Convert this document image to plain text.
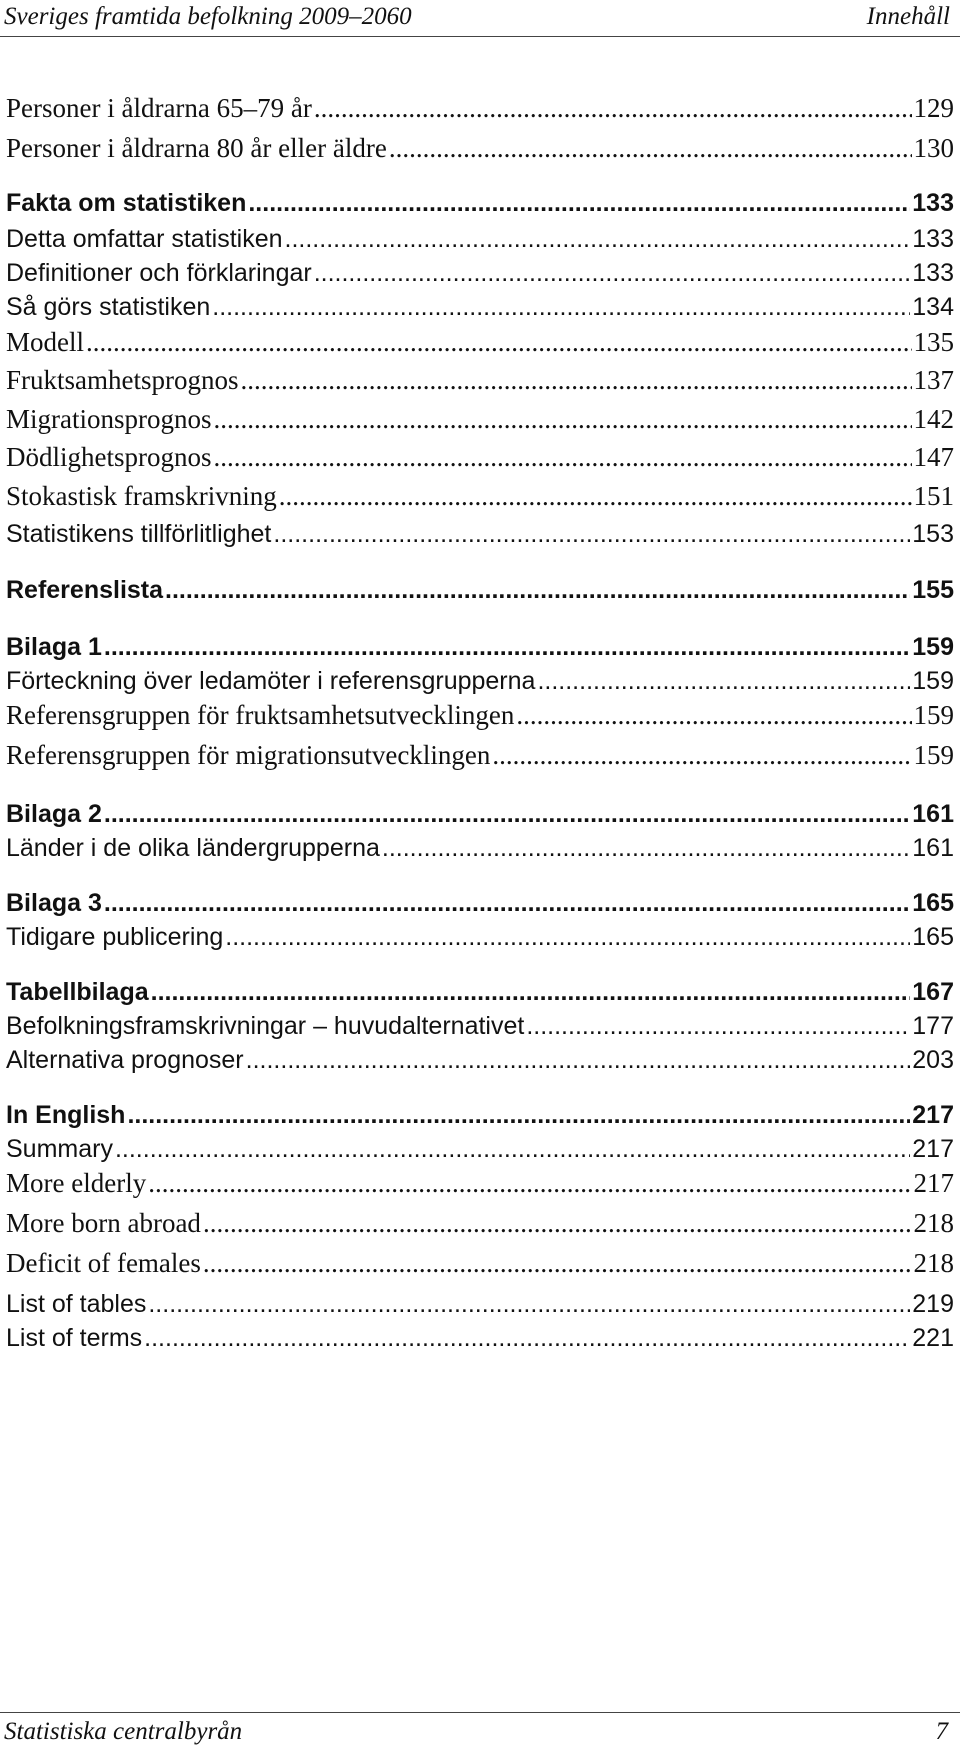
Sveriges framtida befolkning 2009–2060	Innehåll
Personer i åldrarna 65–79 år .....	129
Personer i åldrarna 80 år eller äldre .....	130
Fakta om statistiken .....	133
Detta omfattar statistiken .....	133
Definitioner och förklaringar .....	133
Så görs statistiken .....	134
Modell .....	135
Fruktsamhetsprognos .....	137
Migrationsprognos .....	142
Dödlighetsprognos .....	147
Stokastisk framskrivning .....	151
Statistikens tillförlitlighet .....	153
Referenslista .....	155
Bilaga 1 .....	159
Förteckning över ledamöter i referensgrupperna .....	159
Referensgruppen för fruktsamhetsutvecklingen .....	159
Referensgruppen för migrationsutvecklingen .....	159
Bilaga 2 .....	161
Länder i de olika ländergrupperna .....	161
Bilaga 3 .....	165
Tidigare publicering .....	165
Tabellbilaga .....	167
Befolkningsframskrivningar – huvudalternativet .....	177
Alternativa prognoser .....	203
In English .....	217
Summary .....	217
More elderly .....	217
More born abroad .....	218
Deficit of females .....	218
List of tables .....	219
List of terms .....	221
Statistiska centralbyrån	7
